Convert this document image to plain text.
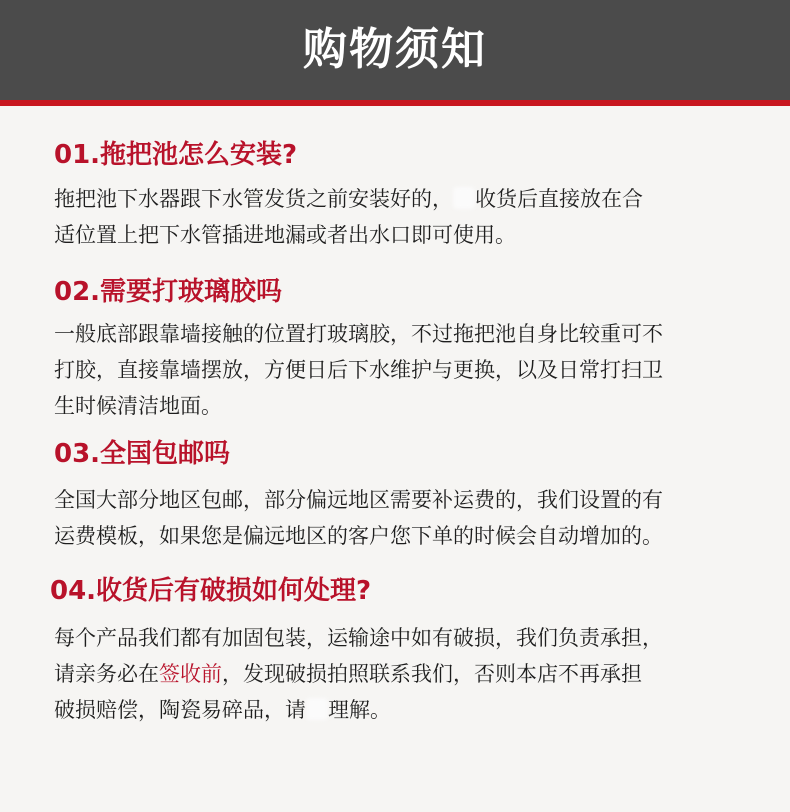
购物须知
01.拖把池怎么安装?
拖把池下水器跟下水管发货之前安装好的， 收货后直接放在合
适位置上把下水管插进地漏或者出水口即可使用。
02.需要打玻璃胶吗
一般底部跟靠墙接触的位置打玻璃胶，不过拖把池自身比较重可不
打胶，直接靠墙摆放，方便日后下水维护与更换，以及日常打扫卫
生时候清洁地面。
03.全国包邮吗
全国大部分地区包邮，部分偏远地区需要补运费的，我们设置的有
运费模板，如果您是偏远地区的客户您下单的时候会自动增加的。
04.收货后有破损如何处理?
每个产品我们都有加固包装，运输途中如有破损，我们负责承担，
请亲务必在签收前，发现破损拍照联系我们，否则本店不再承担
破损赔偿，陶瓷易碎品，请 理解。
